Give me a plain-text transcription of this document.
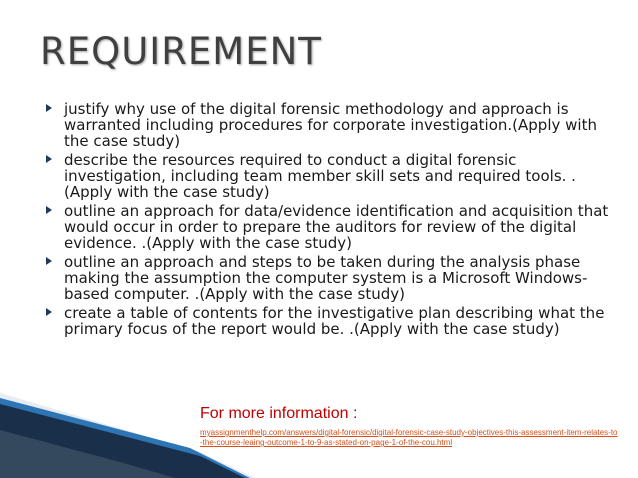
REQUIREMENT
justify why use of the digital forensic methodology and approach is warranted including procedures for corporate investigation.(Apply with the case study)
describe the resources required to conduct a digital forensic investigation, including team member skill sets and required tools. .(Apply with the case study)
outline an approach for data/evidence identification and acquisition that would occur in order to prepare the auditors for review of the digital evidence. .(Apply with the case study)
outline an approach and steps to be taken during the analysis phase making the assumption the computer system is a Microsoft Windows-based computer. .(Apply with the case study)
create a table of contents for the investigative plan describing what the primary focus of the report would be. .(Apply with the case study)
For more information :
myassignmenthelp.com/answers/digital-forensic/digital-forensic-case-study-objectives-this-assessment-item-relates-to-the-course-leaing-outcome-1-to-9-as-stated-on-page-1-of-the-cou.html
